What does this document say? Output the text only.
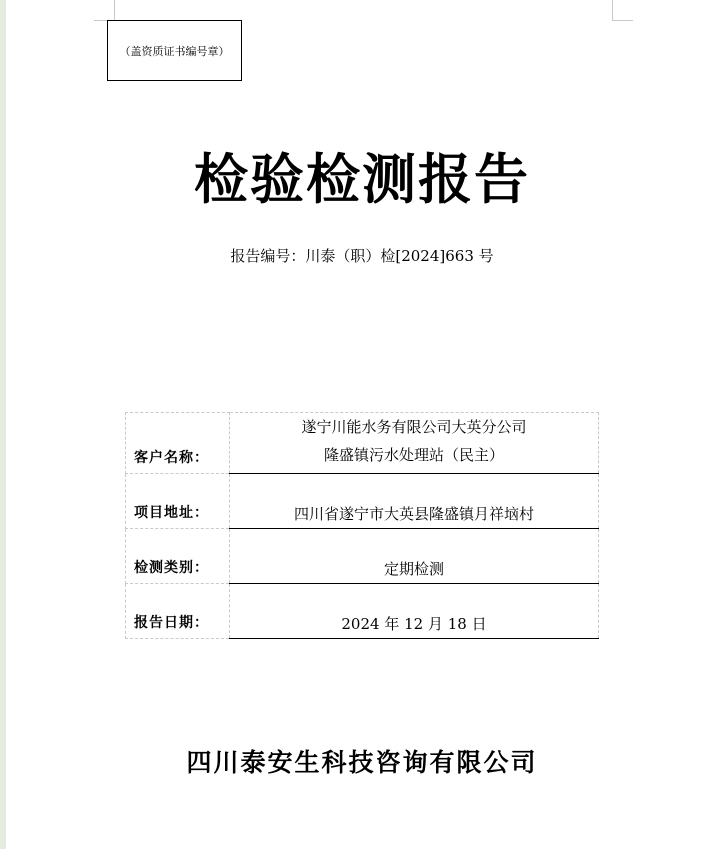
（盖资质证书编号章）
检验检测报告
报告编号：川泰（职）检[2024]663 号
客户名称：	遂宁川能水务有限公司大英分公司
隆盛镇污水处理站（民主）

项目地址：	四川省遂宁市大英县隆盛镇月祥垴村
检测类别：	定期检测
报告日期：	2024 年 12 月 18 日
四川泰安生科技咨询有限公司
